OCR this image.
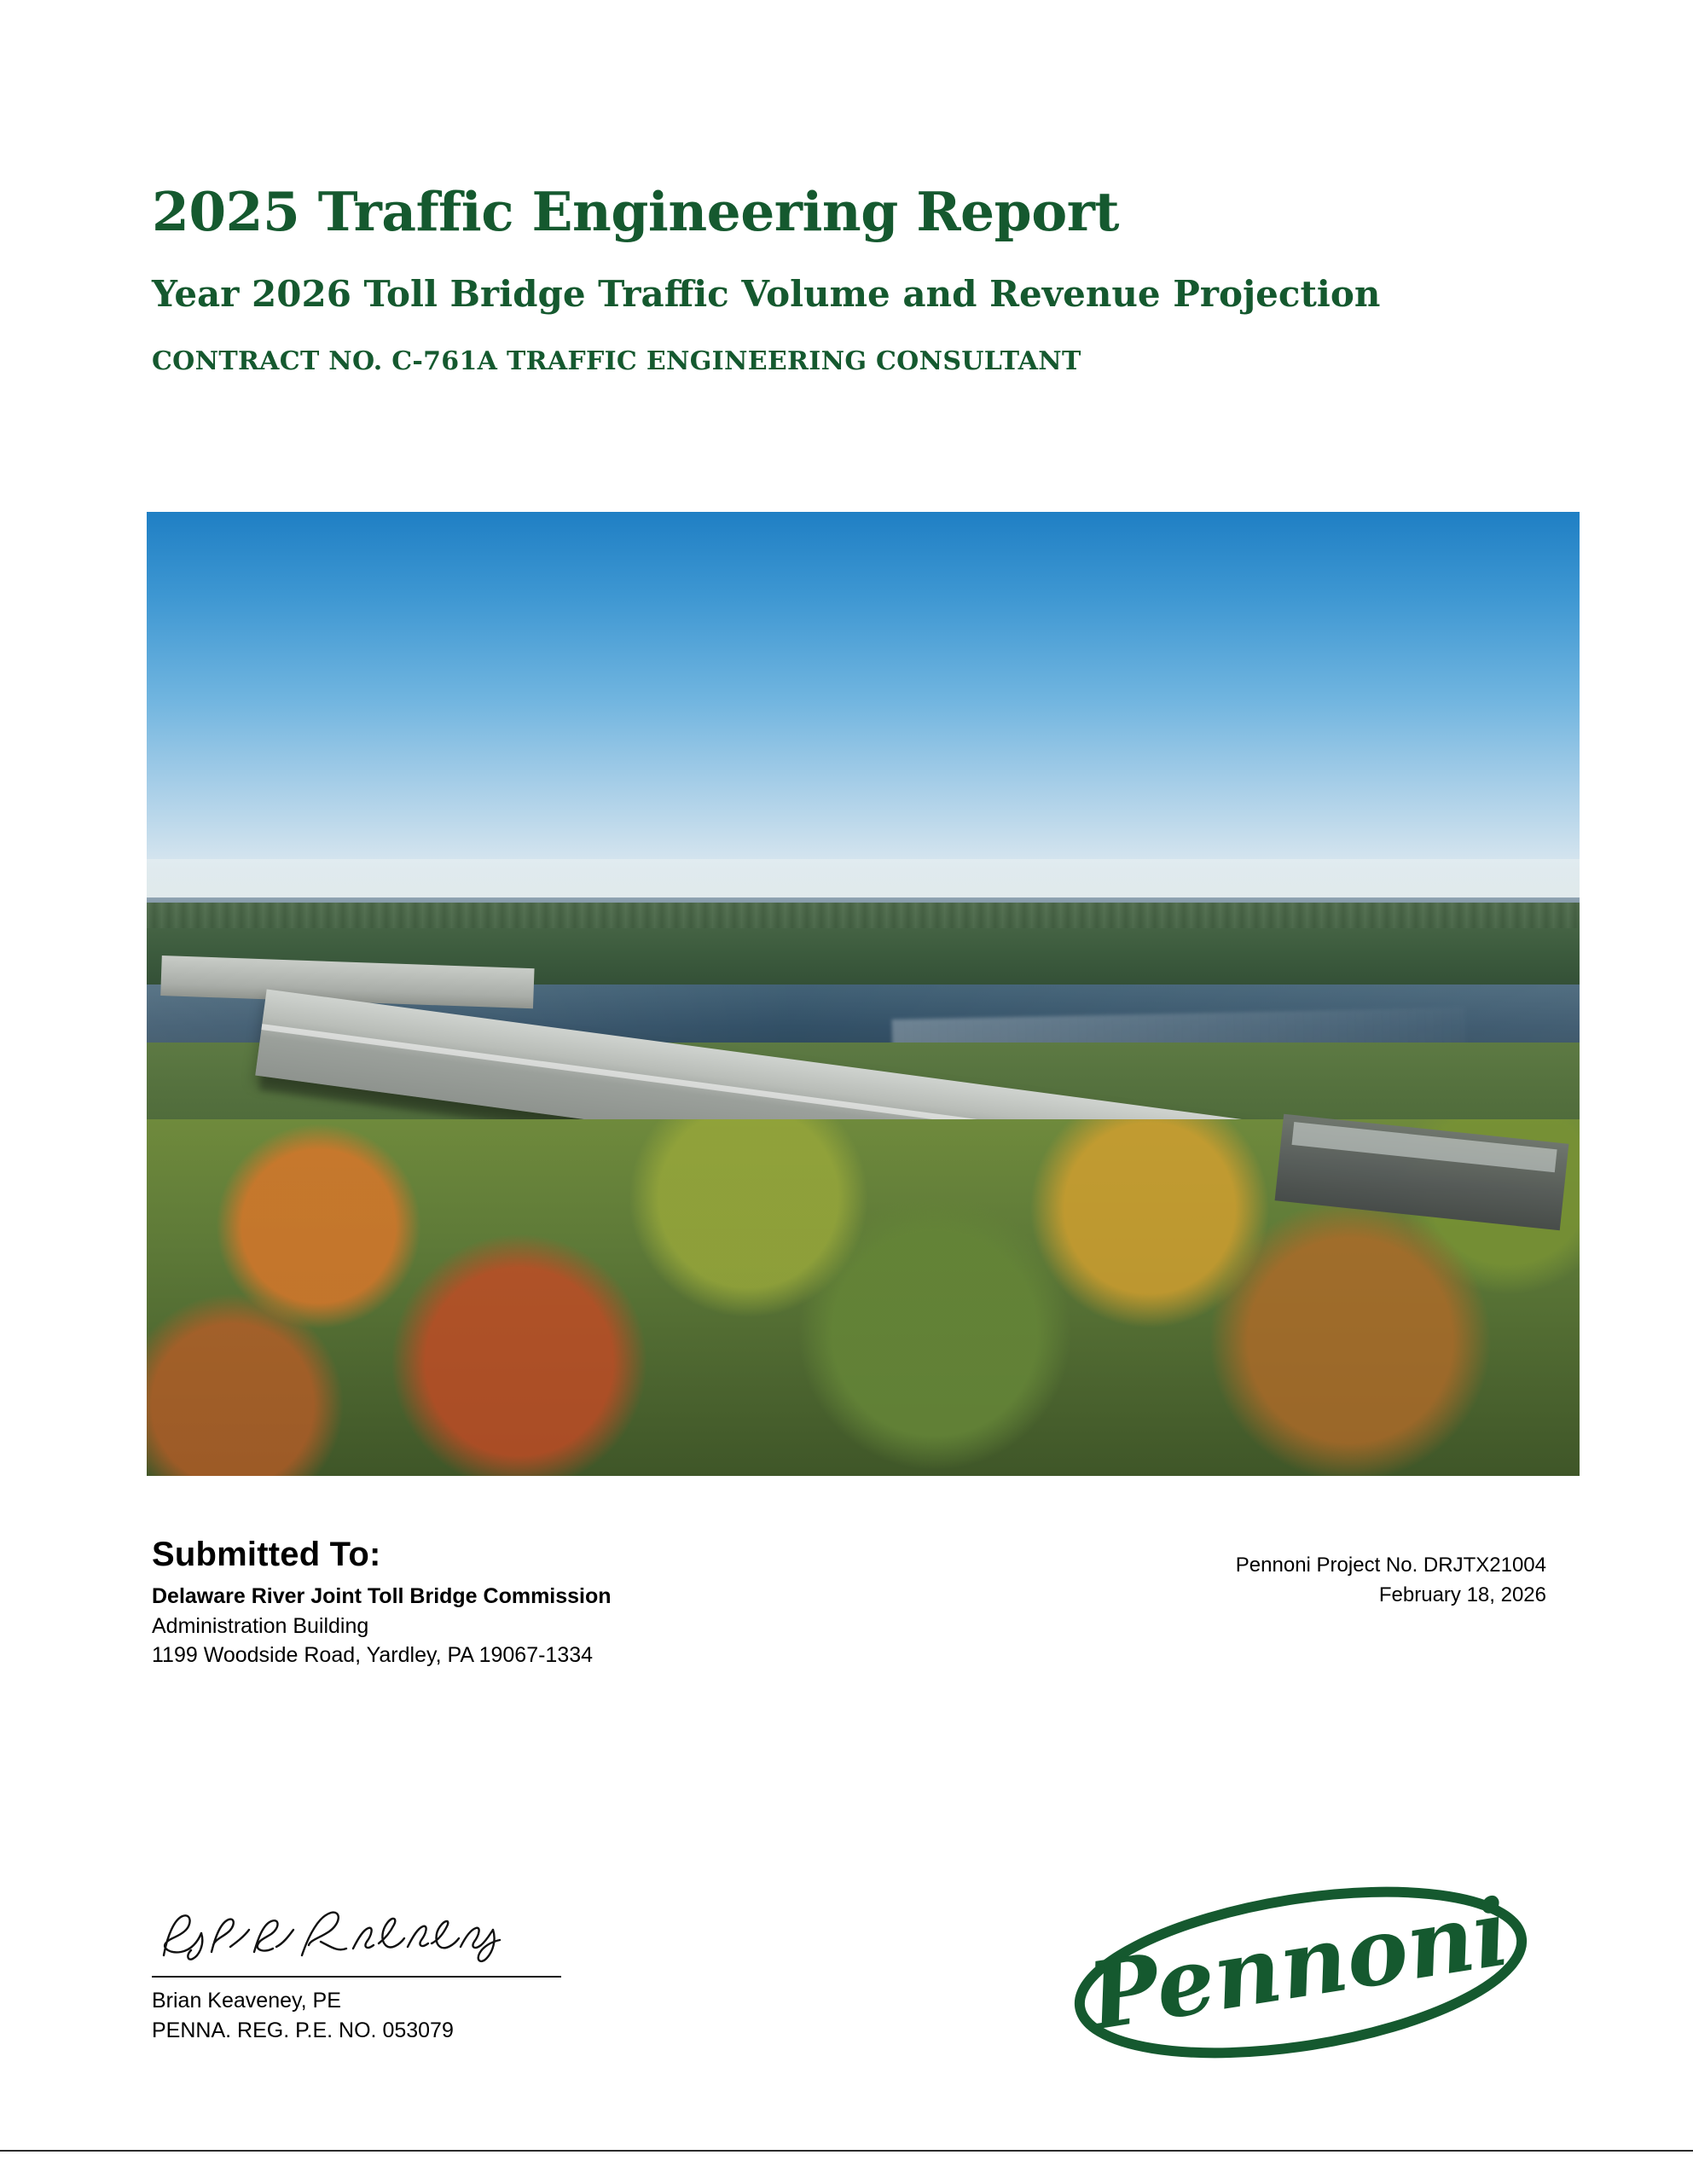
2025 Traffic Engineering Report
Year 2026 Toll Bridge Traffic Volume and Revenue Projection
CONTRACT NO. C-761A TRAFFIC ENGINEERING CONSULTANT
Submitted To:
Delaware River Joint Toll Bridge Commission
Administration Building
1199 Woodside Road, Yardley, PA 19067-1334
Pennoni Project No. DRJTX21004
February 18, 2026
Brian Keaveney, PE
PENNA. REG. P.E. NO. 053079	Pennoni
